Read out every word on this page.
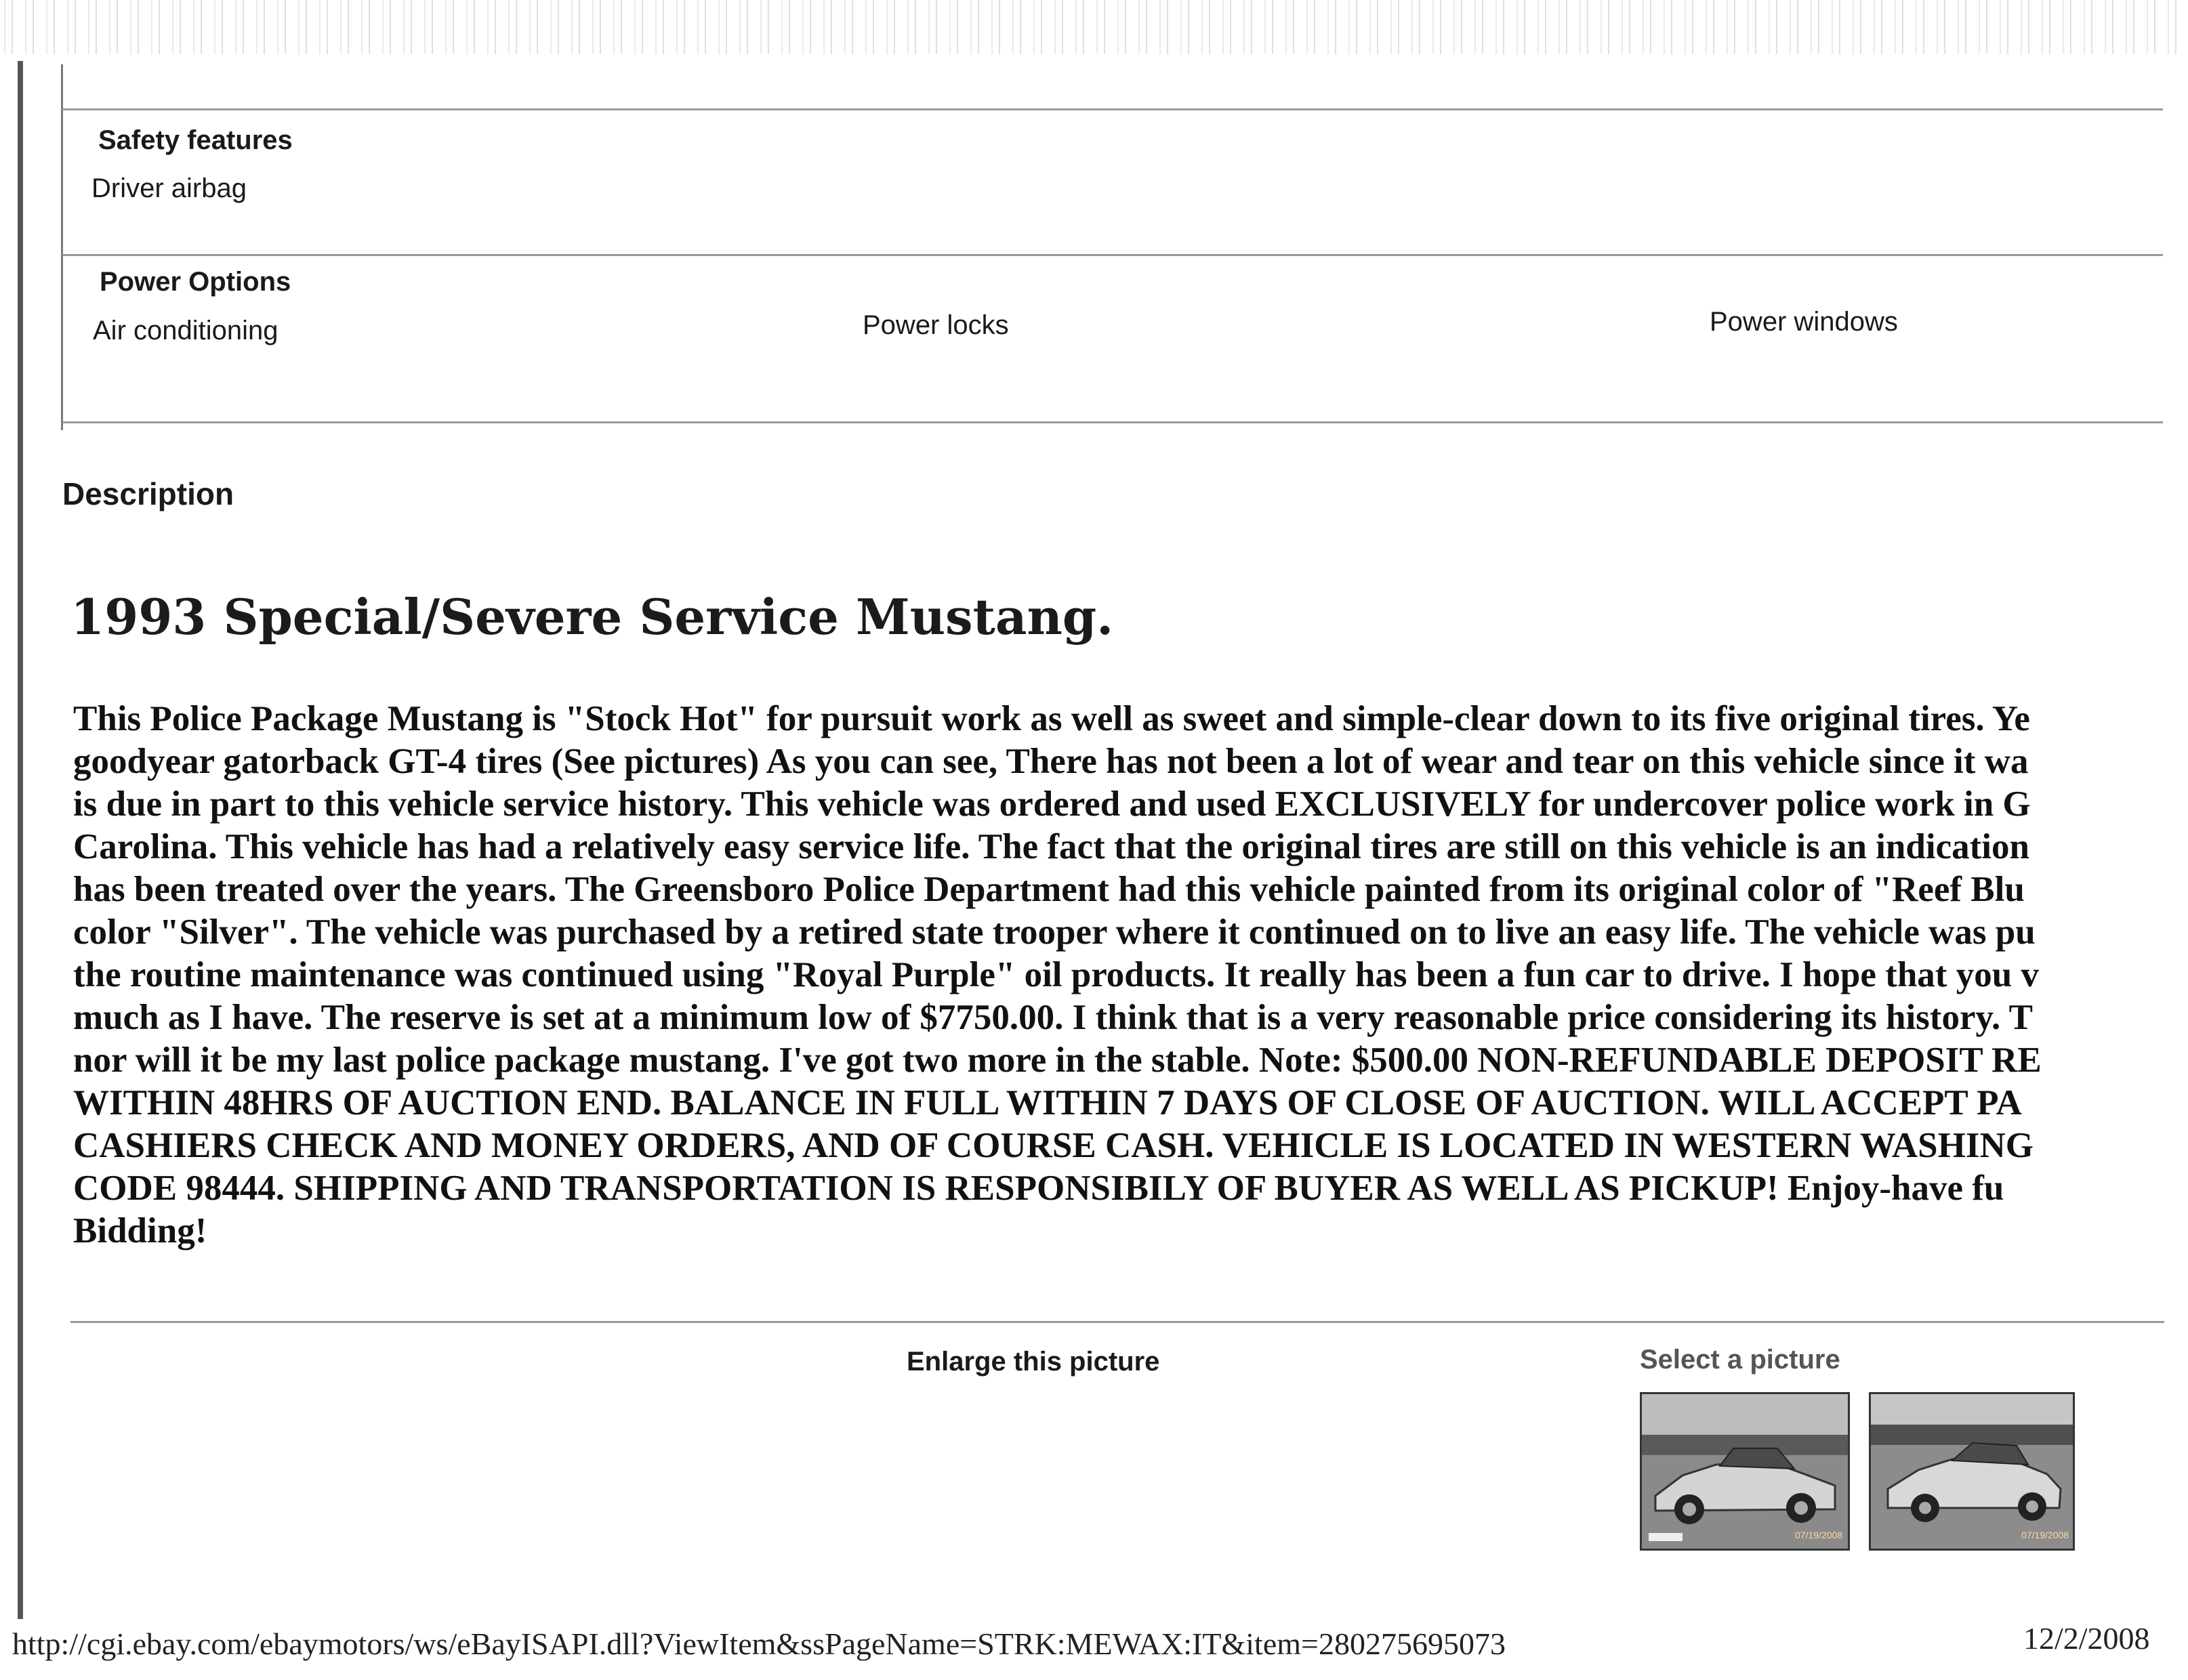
Safety features
Driver airbag
Power Options
Air conditioning	Power locks	Power windows
Description
1993 Special/Severe Service Mustang.
This Police Package Mustang is "Stock Hot" for pursuit work as well as sweet and simple-clear down to its five original tires. Ye
goodyear gatorback GT-4 tires (See pictures) As you can see, There has not been a lot of wear and tear on this vehicle since it wa
is due in part to this vehicle service history. This vehicle was ordered and used EXCLUSIVELY for undercover police work in G
Carolina. This vehicle has had a relatively easy service life. The fact that the original tires are still on this vehicle is an indication
has been treated over the years. The Greensboro Police Department had this vehicle painted from its original color of "Reef Blu
color "Silver". The vehicle was purchased by a retired state trooper where it continued on to live an easy life. The vehicle was pu
the routine maintenance was continued using "Royal Purple" oil products. It really has been a fun car to drive. I hope that you v
much as I have. The reserve is set at a minimum low of $7750.00. I think that is a very reasonable price considering its history. T
nor will it be my last police package mustang. I've got two more in the stable. Note: $500.00 NON-REFUNDABLE DEPOSIT RE
WITHIN 48HRS OF AUCTION END. BALANCE IN FULL WITHIN 7 DAYS OF CLOSE OF AUCTION. WILL ACCEPT PA
CASHIERS CHECK AND MONEY ORDERS, AND OF COURSE CASH. VEHICLE IS LOCATED IN WESTERN WASHING
CODE 98444. SHIPPING AND TRANSPORTATION IS RESPONSIBILY OF BUYER AS WELL AS PICKUP! Enjoy-have fu
Bidding!
Enlarge this picture	Select a picture
07/19/2008	07/19/2008
http://cgi.ebay.com/ebaymotors/ws/eBayISAPI.dll?ViewItem&ssPageName=STRK:MEWAX:IT&item=280275695073	12/2/2008
